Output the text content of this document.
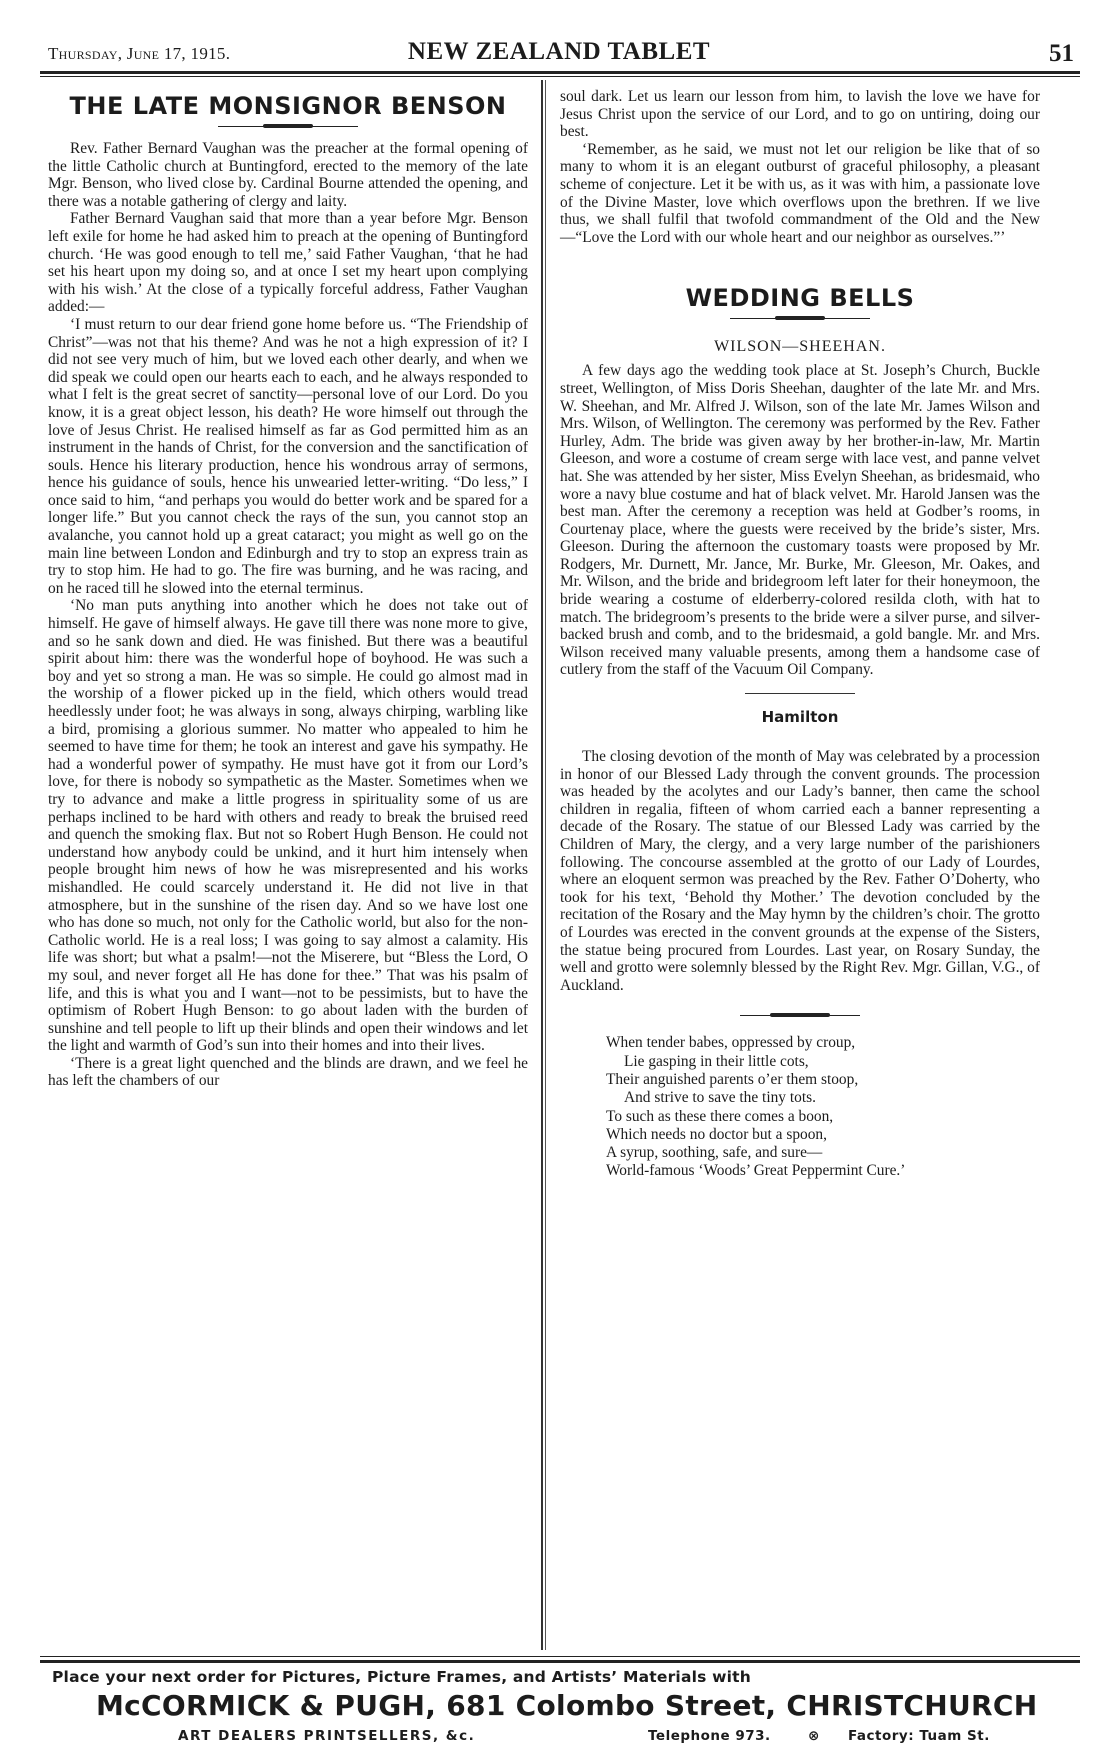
Thursday, June 17, 1915.	NEW ZEALAND TABLET	51
THE LATE MONSIGNOR BENSON

Rev. Father Bernard Vaughan was the preacher at the formal opening of the little Catholic church at Buntingford, erected to the memory of the late Mgr. Benson, who lived close by. Cardinal Bourne attended the opening, and there was a notable gathering of clergy and laity.

Father Bernard Vaughan said that more than a year before Mgr. Benson left exile for home he had asked him to preach at the opening of Buntingford church. ‘He was good enough to tell me,’ said Father Vaughan, ‘that he had set his heart upon my doing so, and at once I set my heart upon complying with his wish.’ At the close of a typically forceful address, Father Vaughan added:—

‘I must return to our dear friend gone home before us. “The Friendship of Christ”—was not that his theme? And was he not a high expression of it? I did not see very much of him, but we loved each other dearly, and when we did speak we could open our hearts each to each, and he always responded to what I felt is the great secret of sanctity—personal love of our Lord. Do you know, it is a great object lesson, his death? He wore himself out through the love of Jesus Christ. He realised himself as far as God permitted him as an instrument in the hands of Christ, for the conversion and the sanctification of souls. Hence his literary production, hence his wondrous array of sermons, hence his guidance of souls, hence his unwearied letter-writing. “Do less,” I once said to him, “and perhaps you would do better work and be spared for a longer life.” But you cannot check the rays of the sun, you cannot stop an avalanche, you cannot hold up a great cataract; you might as well go on the main line between London and Edinburgh and try to stop an express train as try to stop him. He had to go. The fire was burning, and he was racing, and on he raced till he slowed into the eternal terminus.

‘No man puts anything into another which he does not take out of himself. He gave of himself always. He gave till there was none more to give, and so he sank down and died. He was finished. But there was a beautiful spirit about him: there was the wonderful hope of boyhood. He was such a boy and yet so strong a man. He was so simple. He could go almost mad in the worship of a flower picked up in the field, which others would tread heedlessly under foot; he was always in song, always chirping, warbling like a bird, promising a glorious summer. No matter who appealed to him he seemed to have time for them; he took an interest and gave his sympathy. He had a wonderful power of sympathy. He must have got it from our Lord’s love, for there is nobody so sympathetic as the Master. Sometimes when we try to advance and make a little progress in spirituality some of us are perhaps inclined to be hard with others and ready to break the bruised reed and quench the smoking flax. But not so Robert Hugh Benson. He could not understand how anybody could be unkind, and it hurt him intensely when people brought him news of how he was misrepresented and his works mishandled. He could scarcely understand it. He did not live in that atmosphere, but in the sunshine of the risen day. And so we have lost one who has done so much, not only for the Catholic world, but also for the non-Catholic world. He is a real loss; I was going to say almost a calamity. His life was short; but what a psalm!—not the Miserere, but “Bless the Lord, O my soul, and never forget all He has done for thee.” That was his psalm of life, and this is what you and I want—not to be pessimists, but to have the optimism of Robert Hugh Benson: to go about laden with the burden of sunshine and tell people to lift up their blinds and open their windows and let the light and warmth of God’s sun into their homes and into their lives.

‘There is a great light quenched and the blinds are drawn, and we feel he has left the chambers of our

soul dark. Let us learn our lesson from him, to lavish the love we have for Jesus Christ upon the service of our Lord, and to go on untiring, doing our best.

‘Remember, as he said, we must not let our religion be like that of so many to whom it is an elegant outburst of graceful philosophy, a pleasant scheme of conjecture. Let it be with us, as it was with him, a passionate love of the Divine Master, love which overflows upon the brethren. If we live thus, we shall fulfil that twofold commandment of the Old and the New—“Love the Lord with our whole heart and our neighbor as ourselves.”’

WEDDING BELLS
WILSON—SHEEHAN.

A few days ago the wedding took place at St. Joseph’s Church, Buckle street, Wellington, of Miss Doris Sheehan, daughter of the late Mr. and Mrs. W. Sheehan, and Mr. Alfred J. Wilson, son of the late Mr. James Wilson and Mrs. Wilson, of Wellington. The ceremony was performed by the Rev. Father Hurley, Adm. The bride was given away by her brother-in-law, Mr. Martin Gleeson, and wore a costume of cream serge with lace vest, and panne velvet hat. She was attended by her sister, Miss Evelyn Sheehan, as bridesmaid, who wore a navy blue costume and hat of black velvet. Mr. Harold Jansen was the best man. After the ceremony a reception was held at Godber’s rooms, in Courtenay place, where the guests were received by the bride’s sister, Mrs. Gleeson. During the afternoon the customary toasts were proposed by Mr. Rodgers, Mr. Durnett, Mr. Jance, Mr. Burke, Mr. Gleeson, Mr. Oakes, and Mr. Wilson, and the bride and bridegroom left later for their honeymoon, the bride wearing a costume of elderberry-colored resilda cloth, with hat to match. The bridegroom’s presents to the bride were a silver purse, and silver-backed brush and comb, and to the bridesmaid, a gold bangle. Mr. and Mrs. Wilson received many valuable presents, among them a handsome case of cutlery from the staff of the Vacuum Oil Company.

Hamilton

The closing devotion of the month of May was celebrated by a procession in honor of our Blessed Lady through the convent grounds. The procession was headed by the acolytes and our Lady’s banner, then came the school children in regalia, fifteen of whom carried each a banner representing a decade of the Rosary. The statue of our Blessed Lady was carried by the Children of Mary, the clergy, and a very large number of the parishioners following. The concourse assembled at the grotto of our Lady of Lourdes, where an eloquent sermon was preached by the Rev. Father O’Doherty, who took for his text, ‘Behold thy Mother.’ The devotion concluded by the recitation of the Rosary and the May hymn by the children’s choir. The grotto of Lourdes was erected in the convent grounds at the expense of the Sisters, the statue being procured from Lourdes. Last year, on Rosary Sunday, the well and grotto were solemnly blessed by the Right Rev. Mgr. Gillan, V.G., of Auckland.

When tender babes, oppressed by croup,
Lie gasping in their little cots,
Their anguished parents o’er them stoop,
And strive to save the tiny tots.
To such as these there comes a boon,
Which needs no doctor but a spoon,
A syrup, soothing, safe, and sure—
World-famous ‘Woods’ Great Peppermint Cure.’
Place your next order for Pictures, Picture Frames, and Artists’ Materials with
McCORMICK & PUGH, 681 Colombo Street, CHRISTCHURCH
ART DEALERS PRINTSELLERS, &c.	Telephone 973.	⊗ Factory: Tuam St.
